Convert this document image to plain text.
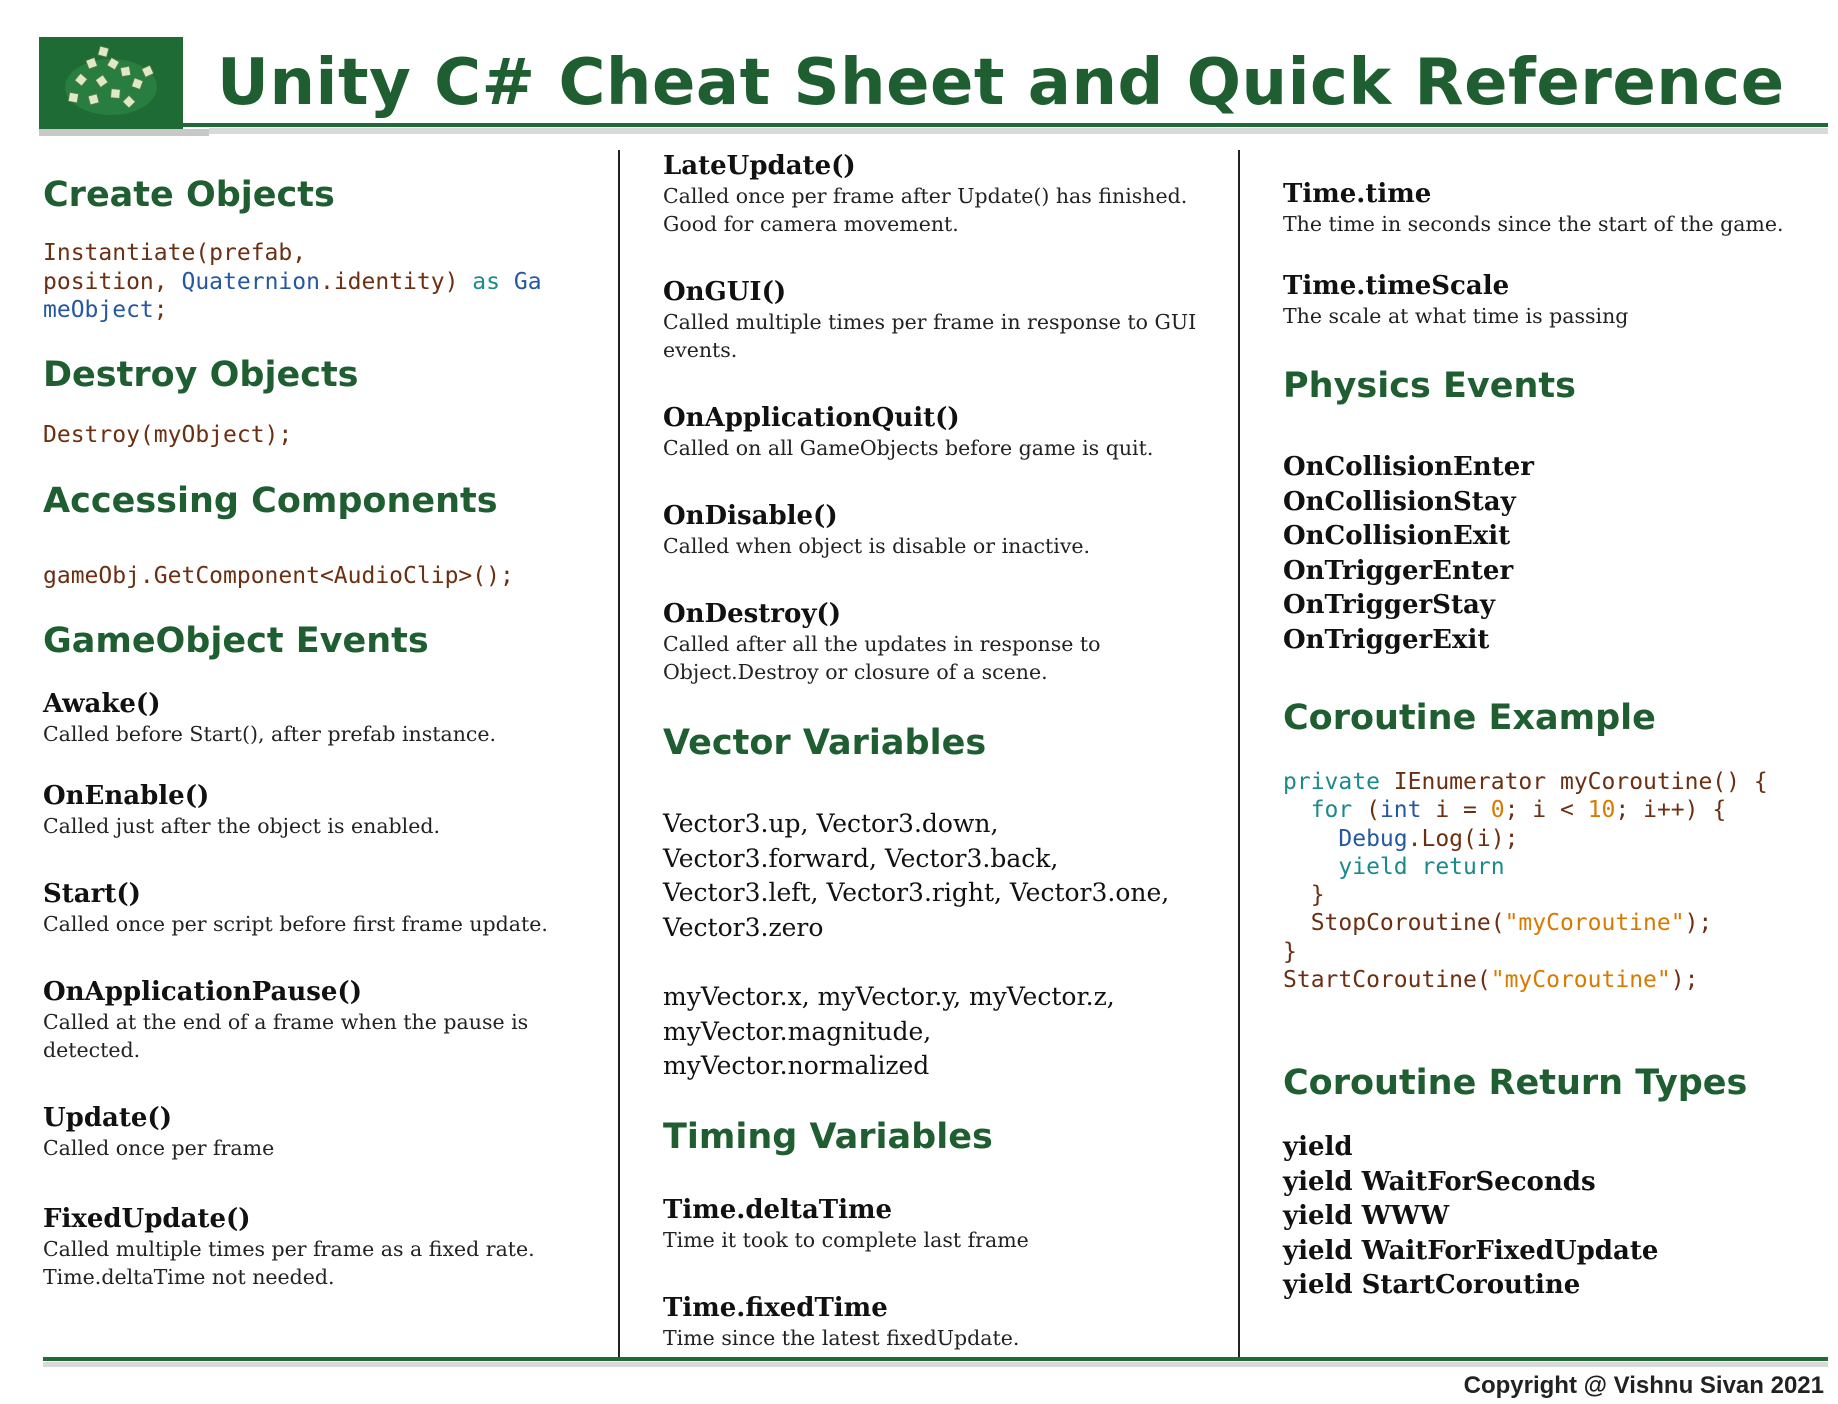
Unity C# Cheat Sheet and Quick Reference
Create Objects
Instantiate(prefab,
position, Quaternion.identity) as Ga
meObject;
Destroy Objects
Destroy(myObject);
Accessing Components
gameObj.GetComponent<AudioClip>();
GameObject Events
Awake()
Called before Start(), after prefab instance.
OnEnable()
Called just after the object is enabled.
Start()
Called once per script before first frame update.
OnApplicationPause()
Called at the end of a frame when the pause is detected.
Update()
Called once per frame
FixedUpdate()
Called multiple times per frame as a fixed rate. Time.deltaTime not needed.
LateUpdate()
Called once per frame after Update() has finished. Good for camera movement.
OnGUI()
Called multiple times per frame in response to GUI events.
OnApplicationQuit()
Called on all GameObjects before game is quit.
OnDisable()
Called when object is disable or inactive.
OnDestroy()
Called after all the updates in response to Object.Destroy or closure of a scene.
Vector Variables
Vector3.up, Vector3.down, Vector3.forward, Vector3.back, Vector3.left, Vector3.right, Vector3.one, Vector3.zero
myVector.x, myVector.y, myVector.z, myVector.magnitude, myVector.normalized
Timing Variables
Time.deltaTime
Time it took to complete last frame
Time.fixedTime
Time since the latest fixedUpdate.
Time.time
The time in seconds since the start of the game.
Time.timeScale
The scale at what time is passing
Physics Events
OnCollisionEnter
OnCollisionStay
OnCollisionExit
OnTriggerEnter
OnTriggerStay
OnTriggerExit
Coroutine Example
private IEnumerator myCoroutine() {
for (int i = 0; i < 10; i++) {
Debug.Log(i);
yield return
}
StopCoroutine("myCoroutine");
}
StartCoroutine("myCoroutine");
Coroutine Return Types
yield
yield WaitForSeconds
yield WWW
yield WaitForFixedUpdate
yield StartCoroutine
Copyright @ Vishnu Sivan 2021
